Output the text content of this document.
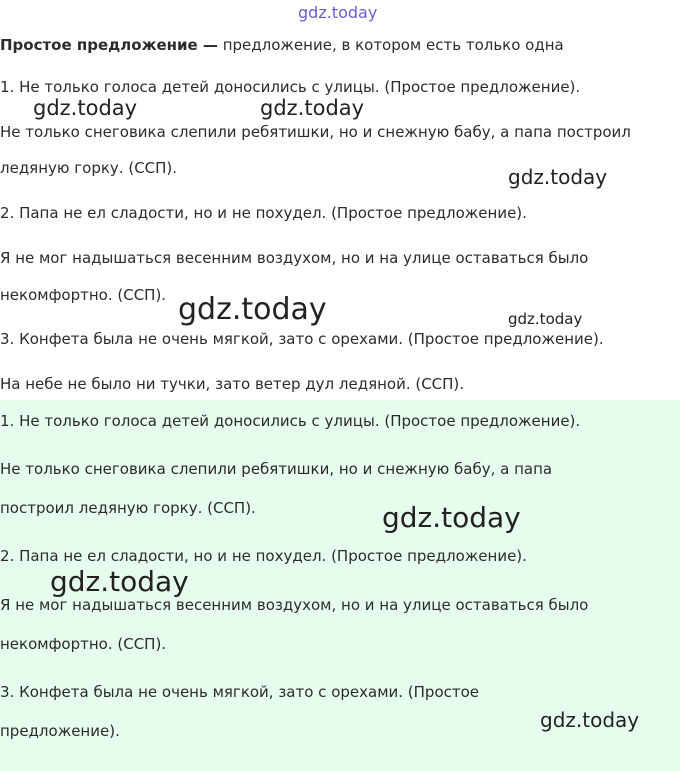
gdz.today
Простое предложение — предложение, в котором есть только одна
1. Не только голоса детей доносились с улицы. (Простое предложение).
Не только снеговика слепили ребятишки, но и снежную бабу, а папа построил
ледяную горку. (ССП).
2. Папа не ел сладости, но и не похудел. (Простое предложение).
Я не мог надышаться весенним воздухом, но и на улице оставаться было
некомфортно. (ССП).
3. Конфета была не очень мягкой, зато с орехами. (Простое предложение).
На небе не было ни тучки, зато ветер дул ледяной. (ССП).
1. Не только голоса детей доносились с улицы. (Простое предложение).
Не только снеговика слепили ребятишки, но и снежную бабу, а папа
построил ледяную горку. (ССП).
2. Папа не ел сладости, но и не похудел. (Простое предложение).
Я не мог надышаться весенним воздухом, но и на улице оставаться было
некомфортно. (ССП).
3. Конфета была не очень мягкой, зато с орехами. (Простое
предложение).
gdz.today	gdz.today
gdz.today
gdz.today	gdz.today
gdz.today
gdz.today
gdz.today
